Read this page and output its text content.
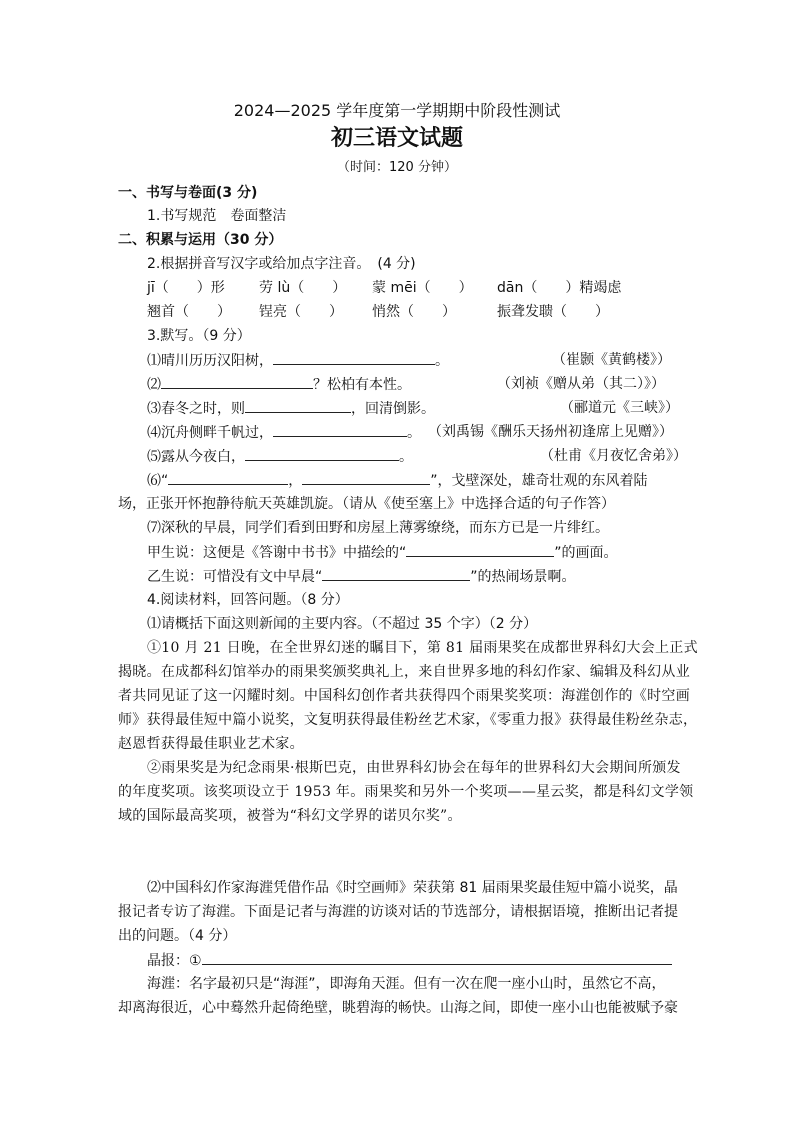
2024—2025 学年度第一学期期中阶段性测试
初三语文试题
（时间：120 分钟）
一、书写与卷面(3 分)
1.书写规范　卷面整洁
二、积累与运用（30 分）
2.根据拼音写汉字或给加点字注音。　(4 分)
jī（　　）形 劳 lù（　　） 蒙 mēi（　　） dān（　　）精竭虑
翘首（　　） 锃亮（　　） 悄然（　　）	振聋发聩（　　）
3.默写。（9 分）
⑴晴川历历汉阳树，	。	（崔颢《黄鹤楼》）
⑵	？松柏有本性。	（刘祯《赠从弟（其二）》）
⑶春冬之时，则	，回清倒影。	（郦道元《三峡》）
⑷沉舟侧畔千帆过，	。 （刘禹锡《酬乐天扬州初逢席上见赠》）
⑸露从今夜白，	。	（杜甫《月夜忆舍弟》）
⑹“	，	”，戈壁深处，雄奇壮观的东风着陆
场，正张开怀抱静待航天英雄凯旋。（请从《使至塞上》中选择合适的句子作答）
⑺深秋的早晨，同学们看到田野和房屋上薄雾缭绕，而东方已是一片绯红。
甲生说：这便是《答谢中书书》中描绘的“	”的画面。
乙生说：可惜没有文中早晨“	”的热闹场景啊。
4.阅读材料，回答问题。（8 分）
⑴请概括下面这则新闻的主要内容。（不超过 35 个字）（2 分）
①10 月 21 日晚，在全世界幻迷的瞩目下，第 81 届雨果奖在成都世界科幻大会上正式
揭晓。在成都科幻馆举办的雨果奖颁奖典礼上，来自世界多地的科幻作家、编辑及科幻从业
者共同见证了这一闪耀时刻。中国科幻创作者共获得四个雨果奖奖项：海漄创作的《时空画
师》获得最佳短中篇小说奖，文复明获得最佳粉丝艺术家，《零重力报》获得最佳粉丝杂志，
赵恩哲获得最佳职业艺术家。
②雨果奖是为纪念雨果·根斯巴克，由世界科幻协会在每年的世界科幻大会期间所颁发
的年度奖项。该奖项设立于 1953 年。雨果奖和另外一个奖项——星云奖，都是科幻文学领
域的国际最高奖项，被誉为“科幻文学界的诺贝尔奖”。
⑵中国科幻作家海漄凭借作品《时空画师》荣获第 81 届雨果奖最佳短中篇小说奖，晶
报记者专访了海漄。下面是记者与海漄的访谈对话的节选部分，请根据语境，推断出记者提
出的问题。（4 分）
晶报：①
海漄：名字最初只是“海涯”，即海角天涯。但有一次在爬一座小山时，虽然它不高，
却离海很近，心中蓦然升起倚绝壁，眺碧海的畅快。山海之间，即使一座小山也能被赋予豪
